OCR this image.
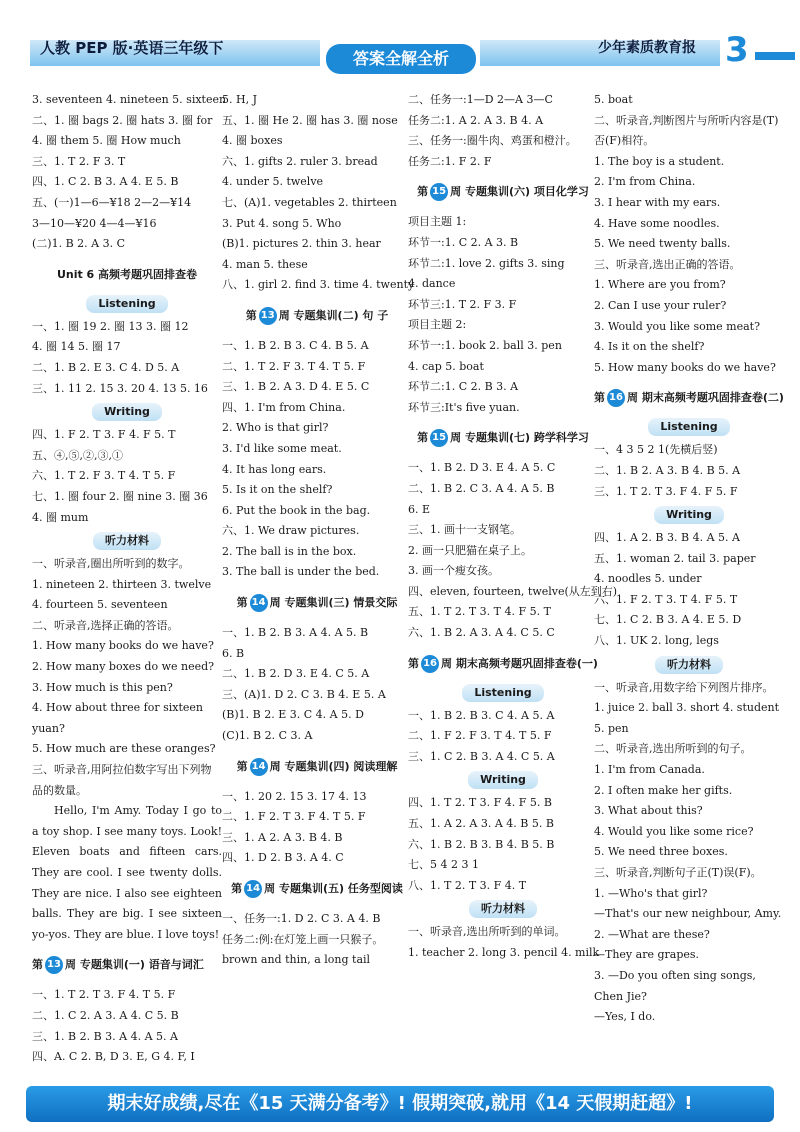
人教 PEP 版·英语三年级下
答案全解全析
少年素质教育报 3
3. seventeen 4. nineteen 5. sixteen
二、1. 圈 bags 2. 圈 hats 3. 圈 for
4. 圈 them 5. 圈 How much
三、1. T 2. F 3. T
四、1. C 2. B 3. A 4. E 5. B
五、(一)1—6—¥18 2—2—¥14
3—10—¥20 4—4—¥16
(二)1. B 2. A 3. C
Unit 6 高频考题巩固排查卷
Listening
一、1. 圈 19 2. 圈 13 3. 圈 12
4. 圈 14 5. 圈 17
二、1. B 2. E 3. C 4. D 5. A
三、1. 11 2. 15 3. 20 4. 13 5. 16
Writing
四、1. F 2. T 3. F 4. F 5. T
五、④,⑤,②,③,①
六、1. T 2. F 3. T 4. T 5. F
七、1. 圈 four 2. 圈 nine 3. 圈 36
4. 圈 mum
听力材料
一、听录音,圈出所听到的数字。
1. nineteen 2. thirteen 3. twelve
4. fourteen 5. seventeen
二、听录音,选择正确的答语。
1. How many books do we have?
2. How many boxes do we need?
3. How much is this pen?
4. How about three for sixteen yuan?
5. How much are these oranges?
三、听录音,用阿拉伯数字写出下列物品的数量。
Hello, I'm Amy. Today I go to a toy shop. I see many toys. Look! Eleven boats and fifteen cars. They are cool. I see twenty dolls. They are nice. I also see eighteen balls. They are big. I see sixteen yo-yos. They are blue. I love toys!
第 13 周 专题集训(一) 语音与词汇
一、1. T 2. T 3. F 4. T 5. F
二、1. C 2. A 3. A 4. C 5. B
三、1. B 2. B 3. A 4. A 5. A
四、A. C 2. B, D 3. E, G 4. F, I
5. H, J
五、1. 圈 He 2. 圈 has 3. 圈 nose
4. 圈 boxes
六、1. gifts 2. ruler 3. bread
4. under 5. twelve
七、(A)1. vegetables 2. thirteen
3. Put 4. song 5. Who
(B)1. pictures 2. thin 3. hear
4. man 5. these
八、1. girl 2. find 3. time 4. twenty
第 13 周 专题集训(二) 句 子
一、1. B 2. B 3. C 4. B 5. A
二、1. T 2. F 3. T 4. T 5. F
三、1. B 2. A 3. D 4. E 5. C
四、1. I'm from China.
2. Who is that girl?
3. I'd like some meat.
4. It has long ears.
5. Is it on the shelf?
6. Put the book in the bag.
六、1. We draw pictures.
2. The ball is in the box.
3. The ball is under the bed.
第 14 周 专题集训(三) 情景交际
一、1. B 2. B 3. A 4. A 5. B
6. B
二、1. B 2. D 3. E 4. C 5. A
三、(A)1. D 2. C 3. B 4. E 5. A
(B)1. B 2. E 3. C 4. A 5. D
(C)1. B 2. C 3. A
第 14 周 专题集训(四) 阅读理解
一、1. 20 2. 15 3. 17 4. 13
二、1. F 2. T 3. F 4. T 5. F
三、1. A 2. A 3. B 4. B
四、1. D 2. B 3. A 4. C
第 14 周 专题集训(五) 任务型阅读
一、任务一:1. D 2. C 3. A 4. B
任务二:例:在灯笼上画一只猴子。
brown and thin, a long tail
二、任务一:1—D 2—A 3—C
任务二:1. A 2. A 3. B 4. A
三、任务一:圈牛肉、鸡蛋和橙汁。
任务二:1. F 2. F
第 15 周 专题集训(六) 项目化学习
项目主题 1:
环节一:1. C 2. A 3. B
环节二:1. love 2. gifts 3. sing
4. dance
环节三:1. T 2. F 3. F
项目主题 2:
环节一:1. book 2. ball 3. pen
4. cap 5. boat
环节二:1. C 2. B 3. A
环节三:It's five yuan.
第 15 周 专题集训(七) 跨学科学习
一、1. B 2. D 3. E 4. A 5. C
二、1. B 2. C 3. A 4. A 5. B
6. E
三、1. 画十一支钢笔。
2. 画一只肥猫在桌子上。
3. 画一个瘦女孩。
四、eleven, fourteen, twelve(从左到右)
五、1. T 2. T 3. T 4. F 5. T
六、1. B 2. A 3. A 4. C 5. C
第 16 周 期末高频考题巩固排查卷(一)
Listening
一、1. B 2. B 3. C 4. A 5. A
二、1. F 2. F 3. T 4. T 5. F
三、1. C 2. B 3. A 4. C 5. A
Writing
四、1. T 2. T 3. F 4. F 5. B
五、1. A 2. A 3. A 4. B 5. B
六、1. B 2. B 3. B 4. B 5. B
七、5 4 2 3 1
八、1. T 2. T 3. F 4. T
听力材料
一、听录音,选出所听到的单词。
1. teacher 2. long 3. pencil 4. milk
5. boat
二、听录音,判断图片与所听内容是(T)否(F)相符。
1. The boy is a student.
2. I'm from China.
3. I hear with my ears.
4. Have some noodles.
5. We need twenty balls.
三、听录音,选出正确的答语。
1. Where are you from?
2. Can I use your ruler?
3. Would you like some meat?
4. Is it on the shelf?
5. How many books do we have?
第 16 周 期末高频考题巩固排查卷(二)
Listening
一、4 3 5 2 1(先横后竖)
二、1. B 2. A 3. B 4. B 5. A
三、1. T 2. T 3. F 4. F 5. F
Writing
四、1. A 2. B 3. B 4. A 5. A
五、1. woman 2. tail 3. paper
4. noodles 5. under
六、1. F 2. T 3. T 4. F 5. T
七、1. C 2. B 3. A 4. E 5. D
八、1. UK 2. long, legs
听力材料
一、听录音,用数字给下列图片排序。
1. juice 2. ball 3. short 4. student
5. pen
二、听录音,选出所听到的句子。
1. I'm from Canada.
2. I often make her gifts.
3. What about this?
4. Would you like some rice?
5. We need three boxes.
三、听录音,判断句子正(T)误(F)。
1. —Who's that girl?
—That's our new neighbour, Amy.
2. —What are these?
—They are grapes.
3. —Do you often sing songs, Chen Jie?
—Yes, I do.
期末好成绩,尽在《15 天满分备考》! 假期突破,就用《14 天假期赶超》!
